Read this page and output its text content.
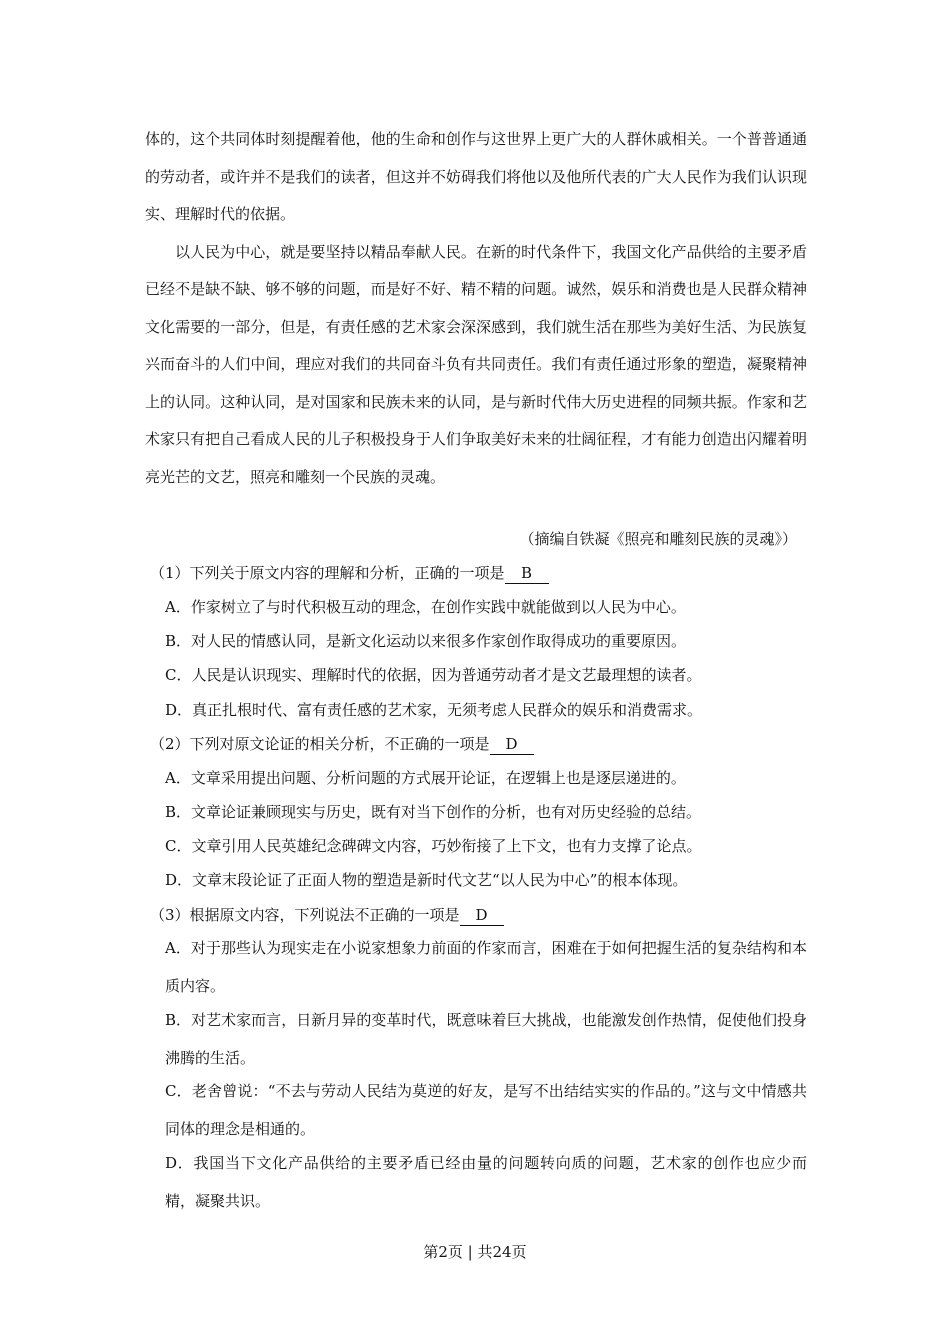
体的，这个共同体时刻提醒着他，他的生命和创作与这世界上更广大的人群休戚相关。一个普普通通的劳动者，或许并不是我们的读者，但这并不妨碍我们将他以及他所代表的广大人民作为我们认识现实、理解时代的依据。

以人民为中心，就是要坚持以精品奉献人民。在新的时代条件下，我国文化产品供给的主要矛盾已经不是缺不缺、够不够的问题，而是好不好、精不精的问题。诚然，娱乐和消费也是人民群众精神文化需要的一部分，但是，有责任感的艺术家会深深感到，我们就生活在那些为美好生活、为民族复兴而奋斗的人们中间，理应对我们的共同奋斗负有共同责任。我们有责任通过形象的塑造，凝聚精神上的认同。这种认同，是对国家和民族未来的认同，是与新时代伟大历史进程的同频共振。作家和艺术家只有把自己看成人民的儿子积极投身于人们争取美好未来的壮阔征程，才有能力创造出闪耀着明亮光芒的文艺，照亮和雕刻一个民族的灵魂。

（摘编自铁凝《照亮和雕刻民族的灵魂》）
（1）下列关于原文内容的理解和分析，正确的一项是 B
A．作家树立了与时代积极互动的理念，在创作实践中就能做到以人民为中心。
B．对人民的情感认同，是新文化运动以来很多作家创作取得成功的重要原因。
C．人民是认识现实、理解时代的依据，因为普通劳动者才是文艺最理想的读者。
D．真正扎根时代、富有责任感的艺术家，无须考虑人民群众的娱乐和消费需求。
（2）下列对原文论证的相关分析，不正确的一项是 D
A．文章采用提出问题、分析问题的方式展开论证，在逻辑上也是逐层递进的。
B．文章论证兼顾现实与历史，既有对当下创作的分析，也有对历史经验的总结。
C．文章引用人民英雄纪念碑碑文内容，巧妙衔接了上下文，也有力支撑了论点。
D．文章末段论证了正面人物的塑造是新时代文艺“以人民为中心”的根本体现。
（3）根据原文内容，下列说法不正确的一项是 D
A．对于那些认为现实走在小说家想象力前面的作家而言，困难在于如何把握生活的复杂结构和本质内容。
B．对艺术家而言，日新月异的变革时代，既意味着巨大挑战，也能激发创作热情，促使他们投身沸腾的生活。
C．老舍曾说：“不去与劳动人民结为莫逆的好友，是写不出结结实实的作品的。”这与文中情感共同体的理念是相通的。
D．我国当下文化产品供给的主要矛盾已经由量的问题转向质的问题，艺术家的创作也应少而精，凝聚共识。
第2页 | 共24页
